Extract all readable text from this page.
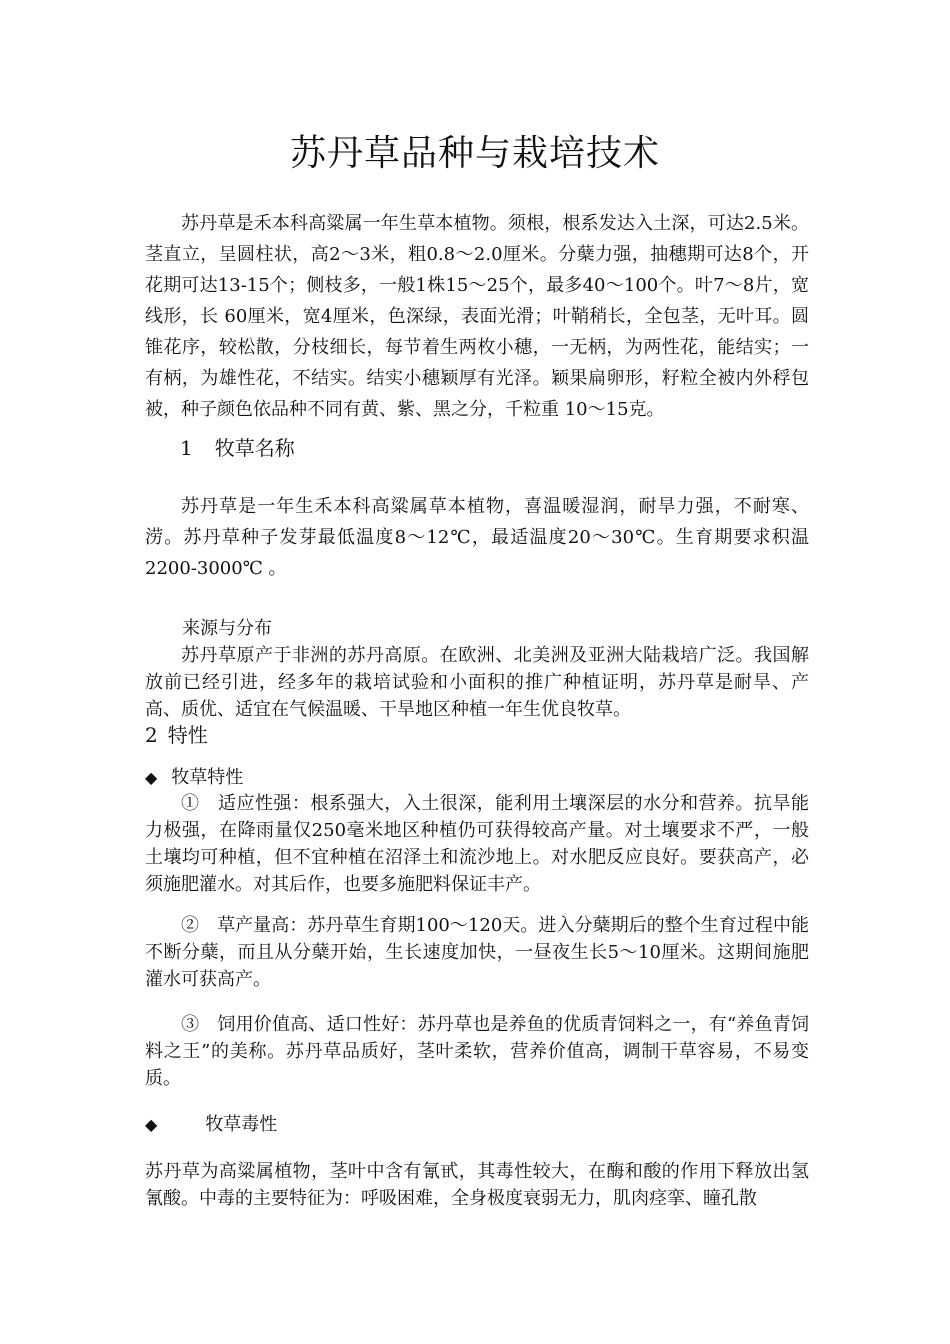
苏丹草品种与栽培技术

苏丹草是禾本科高粱属一年生草本植物。须根，根系发达入土深，可达2.5米。茎直立，呈圆柱状，高2～3米，粗0.8～2.0厘米。分蘖力强，抽穗期可达8个，开花期可达13-15个；侧枝多，一般1株15～25个，最多40～100个。叶7～8片，宽线形，长 60厘米，宽4厘米，色深绿，表面光滑；叶鞘稍长，全包茎，无叶耳。圆锥花序，较松散，分枝细长，每节着生两枚小穗，一无柄，为两性花，能结实；一有柄，为雄性花，不结实。结实小穗颖厚有光泽。颖果扁卵形，籽粒全被内外稃包被，种子颜色依品种不同有黄、紫、黑之分，千粒重 10～15克。

1 牧草名称

苏丹草是一年生禾本科高粱属草本植物，喜温暖湿润，耐旱力强，不耐寒、涝。苏丹草种子发芽最低温度8～12℃，最适温度20～30℃。生育期要求积温2200-3000℃ 。

来源与分布

苏丹草原产于非洲的苏丹高原。在欧洲、北美洲及亚洲大陆栽培广泛。我国解放前已经引进，经多年的栽培试验和小面积的推广种植证明，苏丹草是耐旱、产高、质优、适宜在气候温暖、干旱地区种植一年生优良牧草。

2 特性
◆ 牧草特性

①　适应性强：根系强大，入土很深，能利用土壤深层的水分和营养。抗旱能力极强，在降雨量仅250毫米地区种植仍可获得较高产量。对土壤要求不严，一般土壤均可种植，但不宜种植在沼泽土和流沙地上。对水肥反应良好。要获高产，必须施肥灌水。对其后作，也要多施肥料保证丰产。

②　草产量高：苏丹草生育期100～120天。进入分蘖期后的整个生育过程中能不断分蘖，而且从分蘖开始，生长速度加快，一昼夜生长5～10厘米。这期间施肥灌水可获高产。

③　饲用价值高、适口性好：苏丹草也是养鱼的优质青饲料之一，有“养鱼青饲料之王”的美称。苏丹草品质好，茎叶柔软，营养价值高，调制干草容易，不易变质。

◆	牧草毒性

苏丹草为高粱属植物，茎叶中含有氰甙，其毒性较大，在酶和酸的作用下释放出氢氰酸。中毒的主要特征为：呼吸困难，全身极度衰弱无力，肌肉痉挛、瞳孔散
